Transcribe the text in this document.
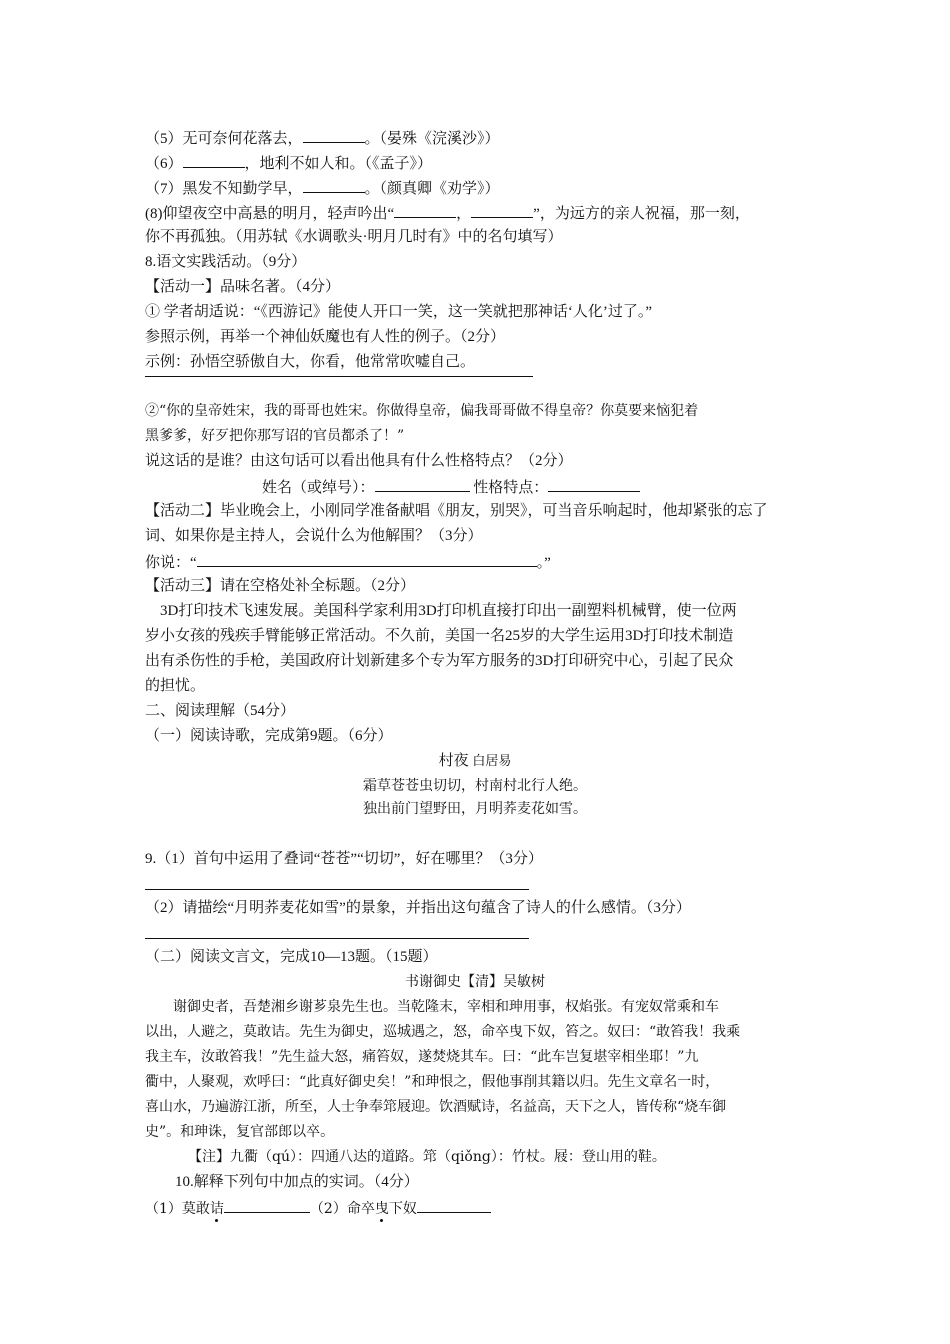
（5）无可奈何花落去，	。（晏殊《浣溪沙》）
（6）	，地利不如人和。（《孟子》）
（7）黑发不知勤学早，	。（颜真卿《劝学》）
(8)仰望夜空中高悬的明月，轻声吟出“	，	”，为远方的亲人祝福，那一刻，
你不再孤独。（用苏轼《水调歌头·明月几时有》中的名句填写）
8.语文实践活动。（9分）
【活动一】品味名著。（4分）
① 学者胡适说：“《西游记》能使人开口一笑，这一笑就把那神话‘人化’过了。”
参照示例，再举一个神仙妖魔也有人性的例子。（2分）
示例：孙悟空骄傲自大，你看，他常常吹嘘自己。
②“你的皇帝姓宋，我的哥哥也姓宋。你做得皇帝，偏我哥哥做不得皇帝？你莫要来恼犯着
黑爹爹，好歹把你那写诏的官员都杀了！”
说这话的是谁？由这句话可以看出他具有什么性格特点？（2分）
姓名（或绰号）：	性格特点：
【活动二】毕业晚会上，小刚同学准备献唱《朋友，别哭》，可当音乐响起时，他却紧张的忘了
词、如果你是主持人，会说什么为他解围？（3分）
你说：“	。”
【活动三】请在空格处补全标题。（2分）
3D打印技术飞速发展。美国科学家利用3D打印机直接打印出一副塑料机械臂，使一位两
岁小女孩的残疾手臂能够正常活动。不久前，美国一名25岁的大学生运用3D打印技术制造
出有杀伤性的手枪，美国政府计划新建多个专为军方服务的3D打印研究中心，引起了民众
的担忧。
二、阅读理解（54分）
（一）阅读诗歌，完成第9题。（6分）
村夜 白居易
霜草苍苍虫切切，村南村北行人绝。
独出前门望野田，月明荞麦花如雪。
9.（1）首句中运用了叠词“苍苍”“切切”，好在哪里？（3分）
（2）请描绘“月明荞麦花如雪”的景象，并指出这句蕴含了诗人的什么感情。（3分）
（二）阅读文言文，完成10—13题。（15题）
书谢御史【清】吴敏树
谢御史者，吾楚湘乡谢芗泉先生也。当乾隆末，宰相和珅用事，权焰张。有宠奴常乘和车
以出，人避之，莫敢诘。先生为御史，巡城遇之，怒，命卒曳下奴，笞之。奴曰：“敢笞我！我乘
我主车，汝敢笞我！”先生益大怒，痛笞奴，遂焚烧其车。曰：“此车岂复堪宰相坐耶！”九
衢中，人聚观，欢呼曰：“此真好御史矣！”和珅恨之，假他事削其籍以归。先生文章名一时，
喜山水，乃遍游江浙，所至，人士争奉筇屐迎。饮酒赋诗，名益高，天下之人，皆传称“烧车御
史”。和珅诛，复官部郎以卒。
【注】九衢（qú）：四通八达的道路。筇（qiǒng）：竹杖。屐：登山用的鞋。
10.解释下列句中加点的实词。（4分）
（1）莫敢诘	（2）命卒曳下奴
